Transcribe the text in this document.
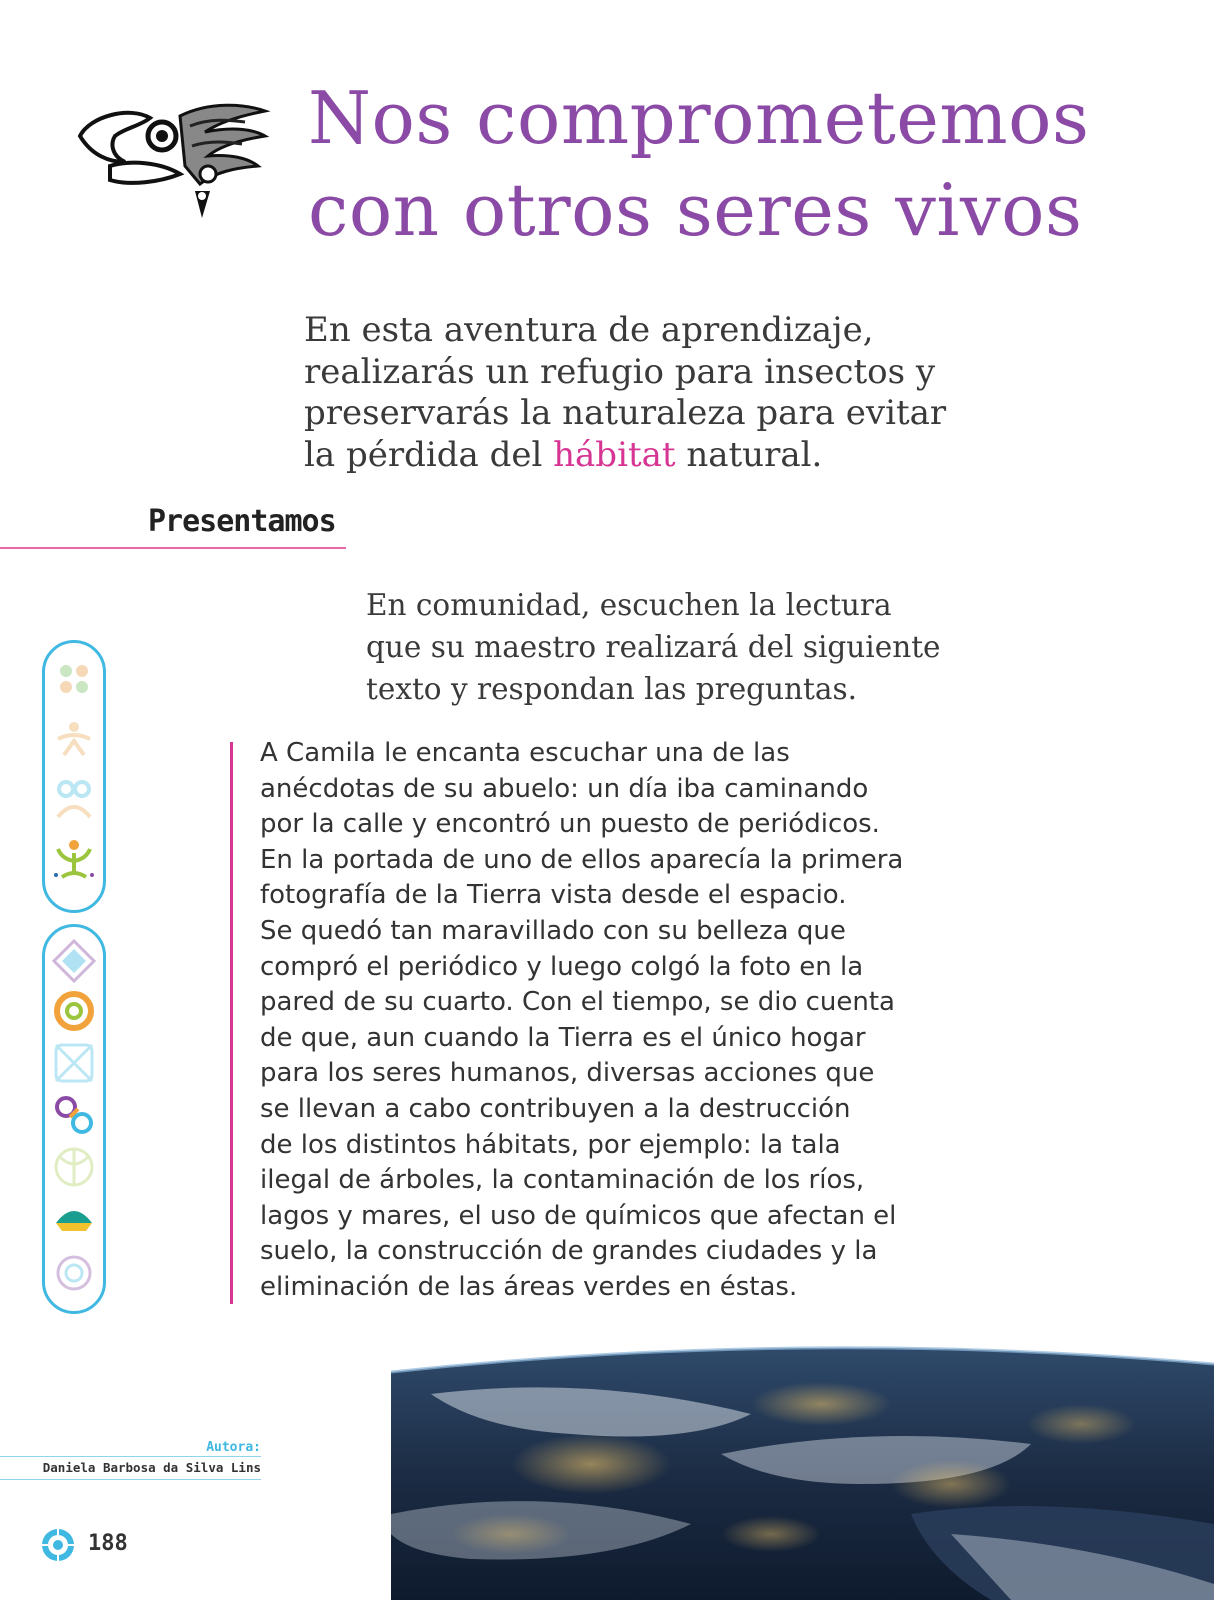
Nos comprometemos
con otros seres vivos

En esta aventura de aprendizaje,
realizarás un refugio para insectos y
preservarás la naturaleza para evitar
la pérdida del hábitat natural.

Presentamos

En comunidad, escuchen la lectura
que su maestro realizará del siguiente
texto y respondan las preguntas.

A Camila le encanta escuchar una de las
anécdotas de su abuelo: un día iba caminando
por la calle y encontró un puesto de periódicos.
En la portada de uno de ellos aparecía la primera
fotografía de la Tierra vista desde el espacio.
Se quedó tan maravillado con su belleza que
compró el periódico y luego colgó la foto en la
pared de su cuarto. Con el tiempo, se dio cuenta
de que, aun cuando la Tierra es el único hogar
para los seres humanos, diversas acciones que
se llevan a cabo contribuyen a la destrucción
de los distintos hábitats, por ejemplo: la tala
ilegal de árboles, la contaminación de los ríos,
lagos y mares, el uso de químicos que afectan el
suelo, la construcción de grandes ciudades y la
eliminación de las áreas verdes en éstas.

Autora:
Daniela Barbosa da Silva Lins
188
